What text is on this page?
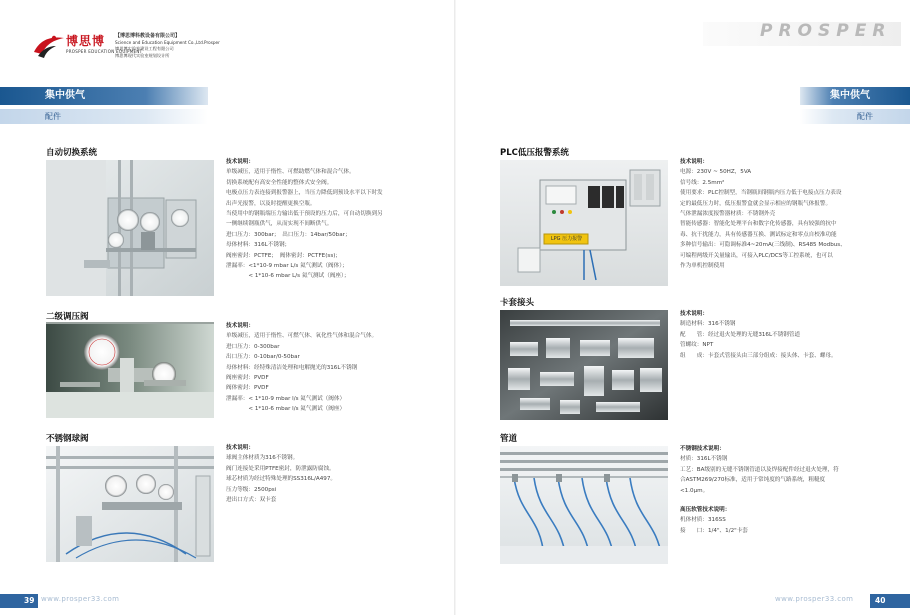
博思博
PROSPER EDUCATION EQUIPMENT
【博思博科教设备有限公司】
Science and Education Equipment Co.,Ltd.Prosper
博思博实验室建设工程有限公司
博思博现代实验室规划设计所
集中供气
配件
自动切换系统
技术说明：
单级减压，适用于惰性、可燃助燃气体和混合气体。
切换系统配有高安全性能的整体式安全阀。
电极点压力表连接到报警器上，当压力降低到预设水平以下时发
出声光报警，以及时提醒更换空瓶。
当使用中的钢瓶端压力输出低于预设的压力后，可自动切换到另
一侧继续钢瓶供气，从而实现不间断供气。
进口压力：300bar；　出口压力：14bar/50bar；
母体材料：316L不锈钢；
阀座密封：PCTFE；　阀体密封：PCTFE(ss)；
泄漏率：<1*10-9 mbar L/s 氦气测试（阀体）；
　　　　< 1*10-6 mbar L/s 氦气测试（阀座）；
二级调压阀
技术说明：
单级减压，适用于惰性、可燃气体、氧化性气体和混合气体。
进口压力：0-300bar
出口压力：0-10bar/0-50bar
母体材料：经特殊清洁处理和电解抛光的316L不锈钢
阀座密封：PVDF
阀体密封：PVDF
泄漏率：< 1*10-9 mbar l/s 氦气测试（阀体）
　　　　< 1*10-6 mbar l/s 氦气测试（阀座）
不锈钢球阀
技术说明：
球阀主体材质为316不锈钢。
阀门连接处采用PTFE密封，防泄露防腐蚀。
球芯材质为经过特殊处理的SS316L/A497。
压力等级：2500psi
进出口方式：双卡套
39 www.prosper33.com
PROSPER
集中供气
配件
PLC低压报警系统
LPG 压力报警
技术说明：
电源：230V ~ 50HZ，5VA
信号线：2.5mm²
使用要求：PLC控制型，当钢瓶间钢瓶内压力低于电接点压力表设
定的最低压力时，低压报警盒就会显示相应的钢瓶气体报警。
气体泄漏浓度报警器材质：不锈钢外壳
智能传感器：智能化处理平台和数字化传感器，具有较强的抗中
毒、抗干扰能力，具有传感器互换、测试标定和零点自校准功能
多种信号输出：可隐调标准4~20mA(三线制)、RS485 Modbus、
可编程两级开关量输出，可接入PLC/DCS等工控系统，也可以
作为单机控制使用
卡套接头
技术说明：
制造材料：316不锈钢
配　　管：经过退火处理的无缝316L不锈钢管道
管螺纹：NPT
组　　成：卡套式管接头由三部分组成：接头体、卡套、螺母。
管道
不锈钢技术说明：
材质：316L不锈钢
工艺：BA级别的无缝不锈钢管道以及焊接配件经过退火处理，符
合ASTM269/270标准，适用于常纯度的气路系统，粗糙度
<1.0μm。
高压软管技术说明：
机体材质：316SS
接　　口：1/4"、1/2"卡套
www.prosper33.com	40
